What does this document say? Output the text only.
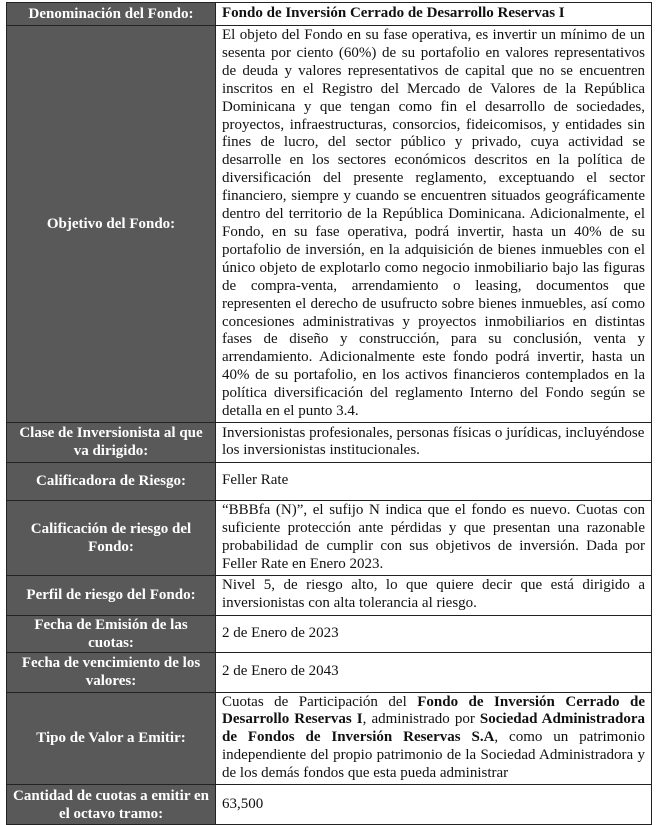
Denominación del Fondo:	Fondo de Inversión Cerrado de Desarrollo Reservas I
Objetivo del Fondo:	El objeto del Fondo en su fase operativa, es invertir un mínimo de un sesenta por ciento (60%) de su portafolio en valores representativos de deuda y valores representativos de capital que no se encuentren inscritos en el Registro del Mercado de Valores de la República Dominicana y que tengan como fin el desarrollo de sociedades, proyectos, infraestructuras, consorcios, fideicomisos, y entidades sin fines de lucro, del sector público y privado, cuya actividad se desarrolle en los sectores económicos descritos en la política de diversificación del presente reglamento, exceptuando el sector financiero, siempre y cuando se encuentren situados geográficamente dentro del territorio de la República Dominicana. Adicionalmente, el Fondo, en su fase operativa, podrá invertir, hasta un 40% de su portafolio de inversión, en la adquisición de bienes inmuebles con el único objeto de explotarlo como negocio inmobiliario bajo las figuras de compra-venta, arrendamiento o leasing, documentos que representen el derecho de usufructo sobre bienes inmuebles, así como concesiones administrativas y proyectos inmobiliarios en distintas fases de diseño y construcción, para su conclusión, venta y arrendamiento. Adicionalmente este fondo podrá invertir, hasta un 40% de su portafolio, en los activos financieros contemplados en la política diversificación del reglamento Interno del Fondo según se detalla en el punto 3.4.
Clase de Inversionista al que va dirigido:	Inversionistas profesionales, personas físicas o jurídicas, incluyéndose los inversionistas institucionales.
Calificadora de Riesgo:	Feller Rate
Calificación de riesgo del Fondo:	“BBBfa (N)”, el sufijo N indica que el fondo es nuevo. Cuotas con suficiente protección ante pérdidas y que presentan una razonable probabilidad de cumplir con sus objetivos de inversión. Dada por Feller Rate en Enero 2023.
Perfil de riesgo del Fondo:	Nivel 5, de riesgo alto, lo que quiere decir que está dirigido a inversionistas con alta tolerancia al riesgo.
Fecha de Emisión de las cuotas:	2 de Enero de 2023
Fecha de vencimiento de los valores:	2 de Enero de 2043
Tipo de Valor a Emitir:	Cuotas de Participación del Fondo de Inversión Cerrado de Desarrollo Reservas I, administrado por Sociedad Administradora de Fondos de Inversión Reservas S.A, como un patrimonio independiente del propio patrimonio de la Sociedad Administradora y de los demás fondos que esta pueda administrar
Cantidad de cuotas a emitir en el octavo tramo:	63,500
